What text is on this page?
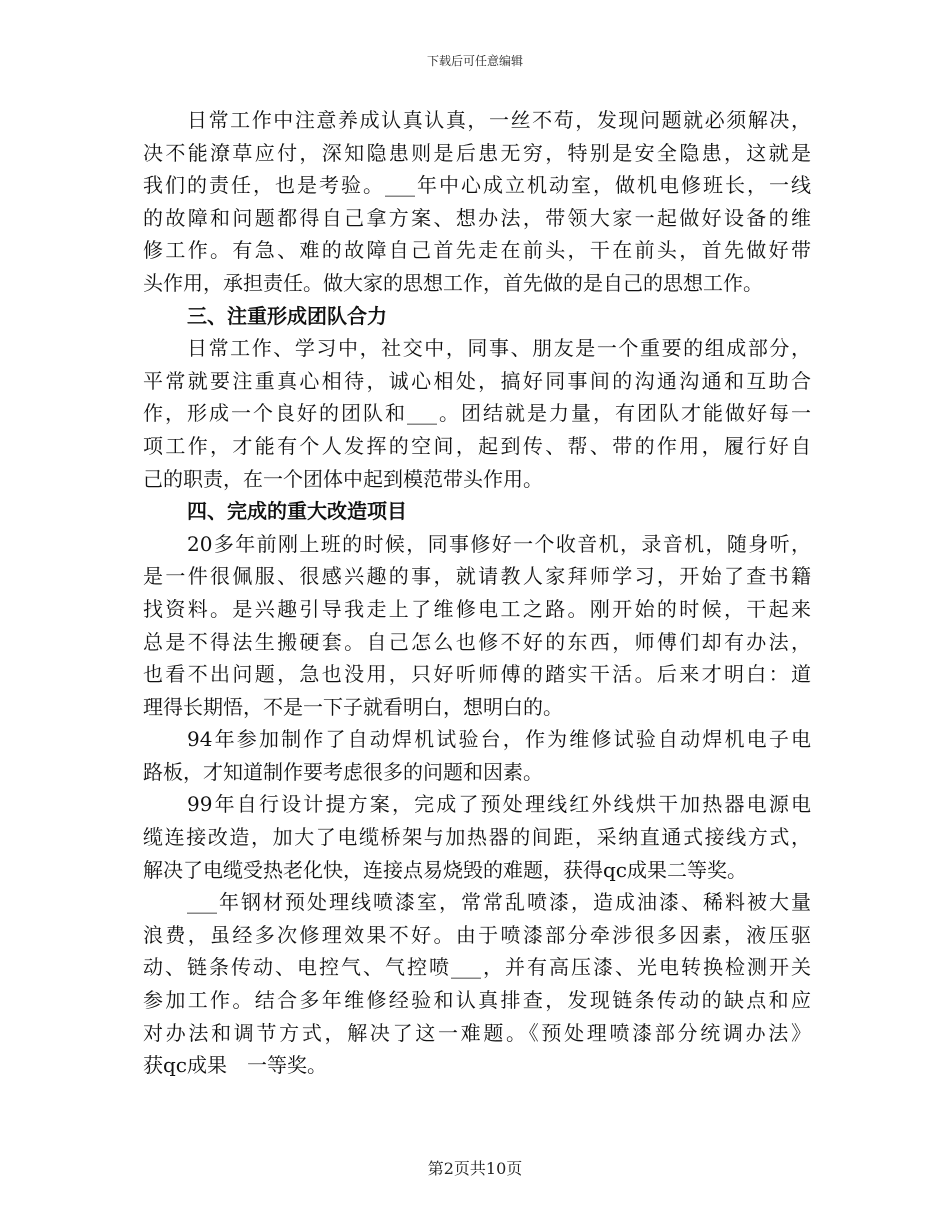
下载后可任意编辑
日常工作中注意养成认真认真，一丝不苟，发现问题就必须解决，
决不能潦草应付，深知隐患则是后患无穷，特别是安全隐患，这就是
我们的责任，也是考验。___年中心成立机动室，做机电修班长，一线
的故障和问题都得自己拿方案、想办法，带领大家一起做好设备的维
修工作。有急、难的故障自己首先走在前头，干在前头，首先做好带
头作用，承担责任。做大家的思想工作，首先做的是自己的思想工作。
三、注重形成团队合力
日常工作、学习中，社交中，同事、朋友是一个重要的组成部分，
平常就要注重真心相待，诚心相处，搞好同事间的沟通沟通和互助合
作，形成一个良好的团队和___。团结就是力量，有团队才能做好每一
项工作，才能有个人发挥的空间，起到传、帮、带的作用，履行好自
己的职责，在一个团体中起到模范带头作用。
四、完成的重大改造项目
20多年前刚上班的时候，同事修好一个收音机，录音机，随身听，
是一件很佩服、很感兴趣的事，就请教人家拜师学习，开始了查书籍
找资料。是兴趣引导我走上了维修电工之路。刚开始的时候，干起来
总是不得法生搬硬套。自己怎么也修不好的东西，师傅们却有办法，
也看不出问题，急也没用，只好听师傅的踏实干活。后来才明白：道
理得长期悟，不是一下子就看明白，想明白的。
94年参加制作了自动焊机试验台，作为维修试验自动焊机电子电
路板，才知道制作要考虑很多的问题和因素。
99年自行设计提方案，完成了预处理线红外线烘干加热器电源电
缆连接改造，加大了电缆桥架与加热器的间距，采纳直通式接线方式，
解决了电缆受热老化快，连接点易烧毁的难题，获得qc成果二等奖。
___年钢材预处理线喷漆室，常常乱喷漆，造成油漆、稀料被大量
浪费，虽经多次修理效果不好。由于喷漆部分牵涉很多因素，液压驱
动、链条传动、电控气、气控喷___，并有高压漆、光电转换检测开关
参加工作。结合多年维修经验和认真排查，发现链条传动的缺点和应
对办法和调节方式，解决了这一难题。《预处理喷漆部分统调办法》
获qc成果　一等奖。
第2页共10页
